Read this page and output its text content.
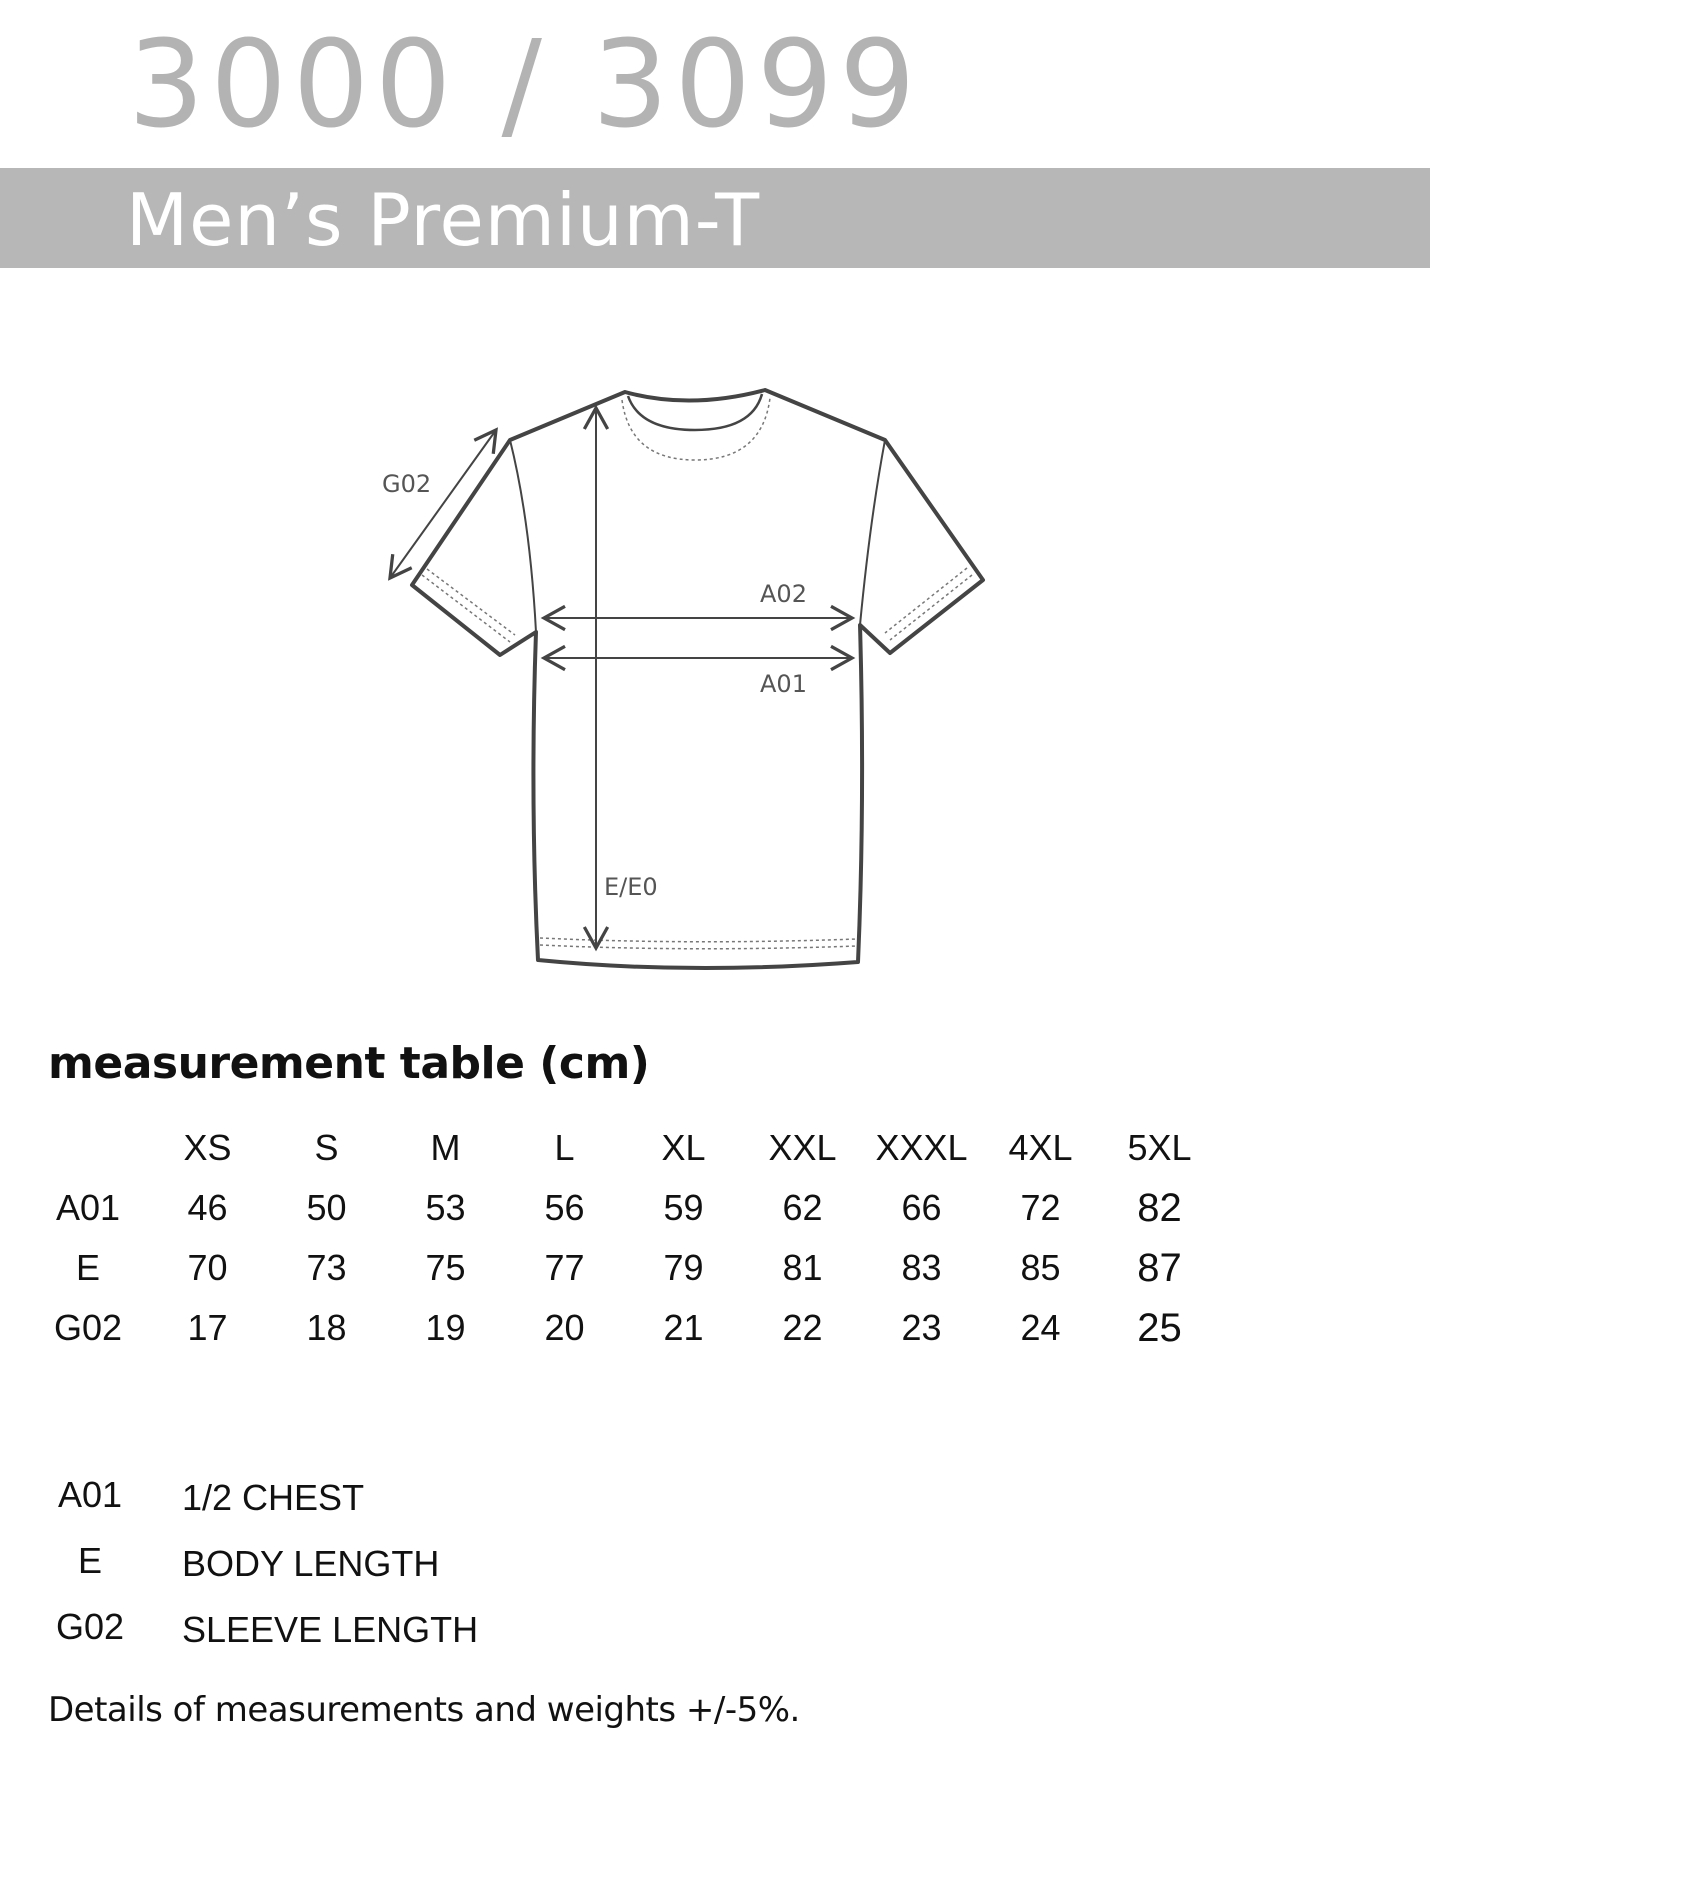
3000 / 3099
Men’s Premium-T
G02
A02
A01
E/E0
measurement table (cm)
	XS	S	M	L	XL	XXL	XXXL	4XL	5XL
A01	46	50	53	56	59	62	66	72	82
E	70	73	75	77	79	81	83	85	87
G02	17	18	19	20	21	22	23	24	25
A01	1/2 CHEST
E	BODY LENGTH
G02	SLEEVE LENGTH
Details of measurements and weights +/-5%.
